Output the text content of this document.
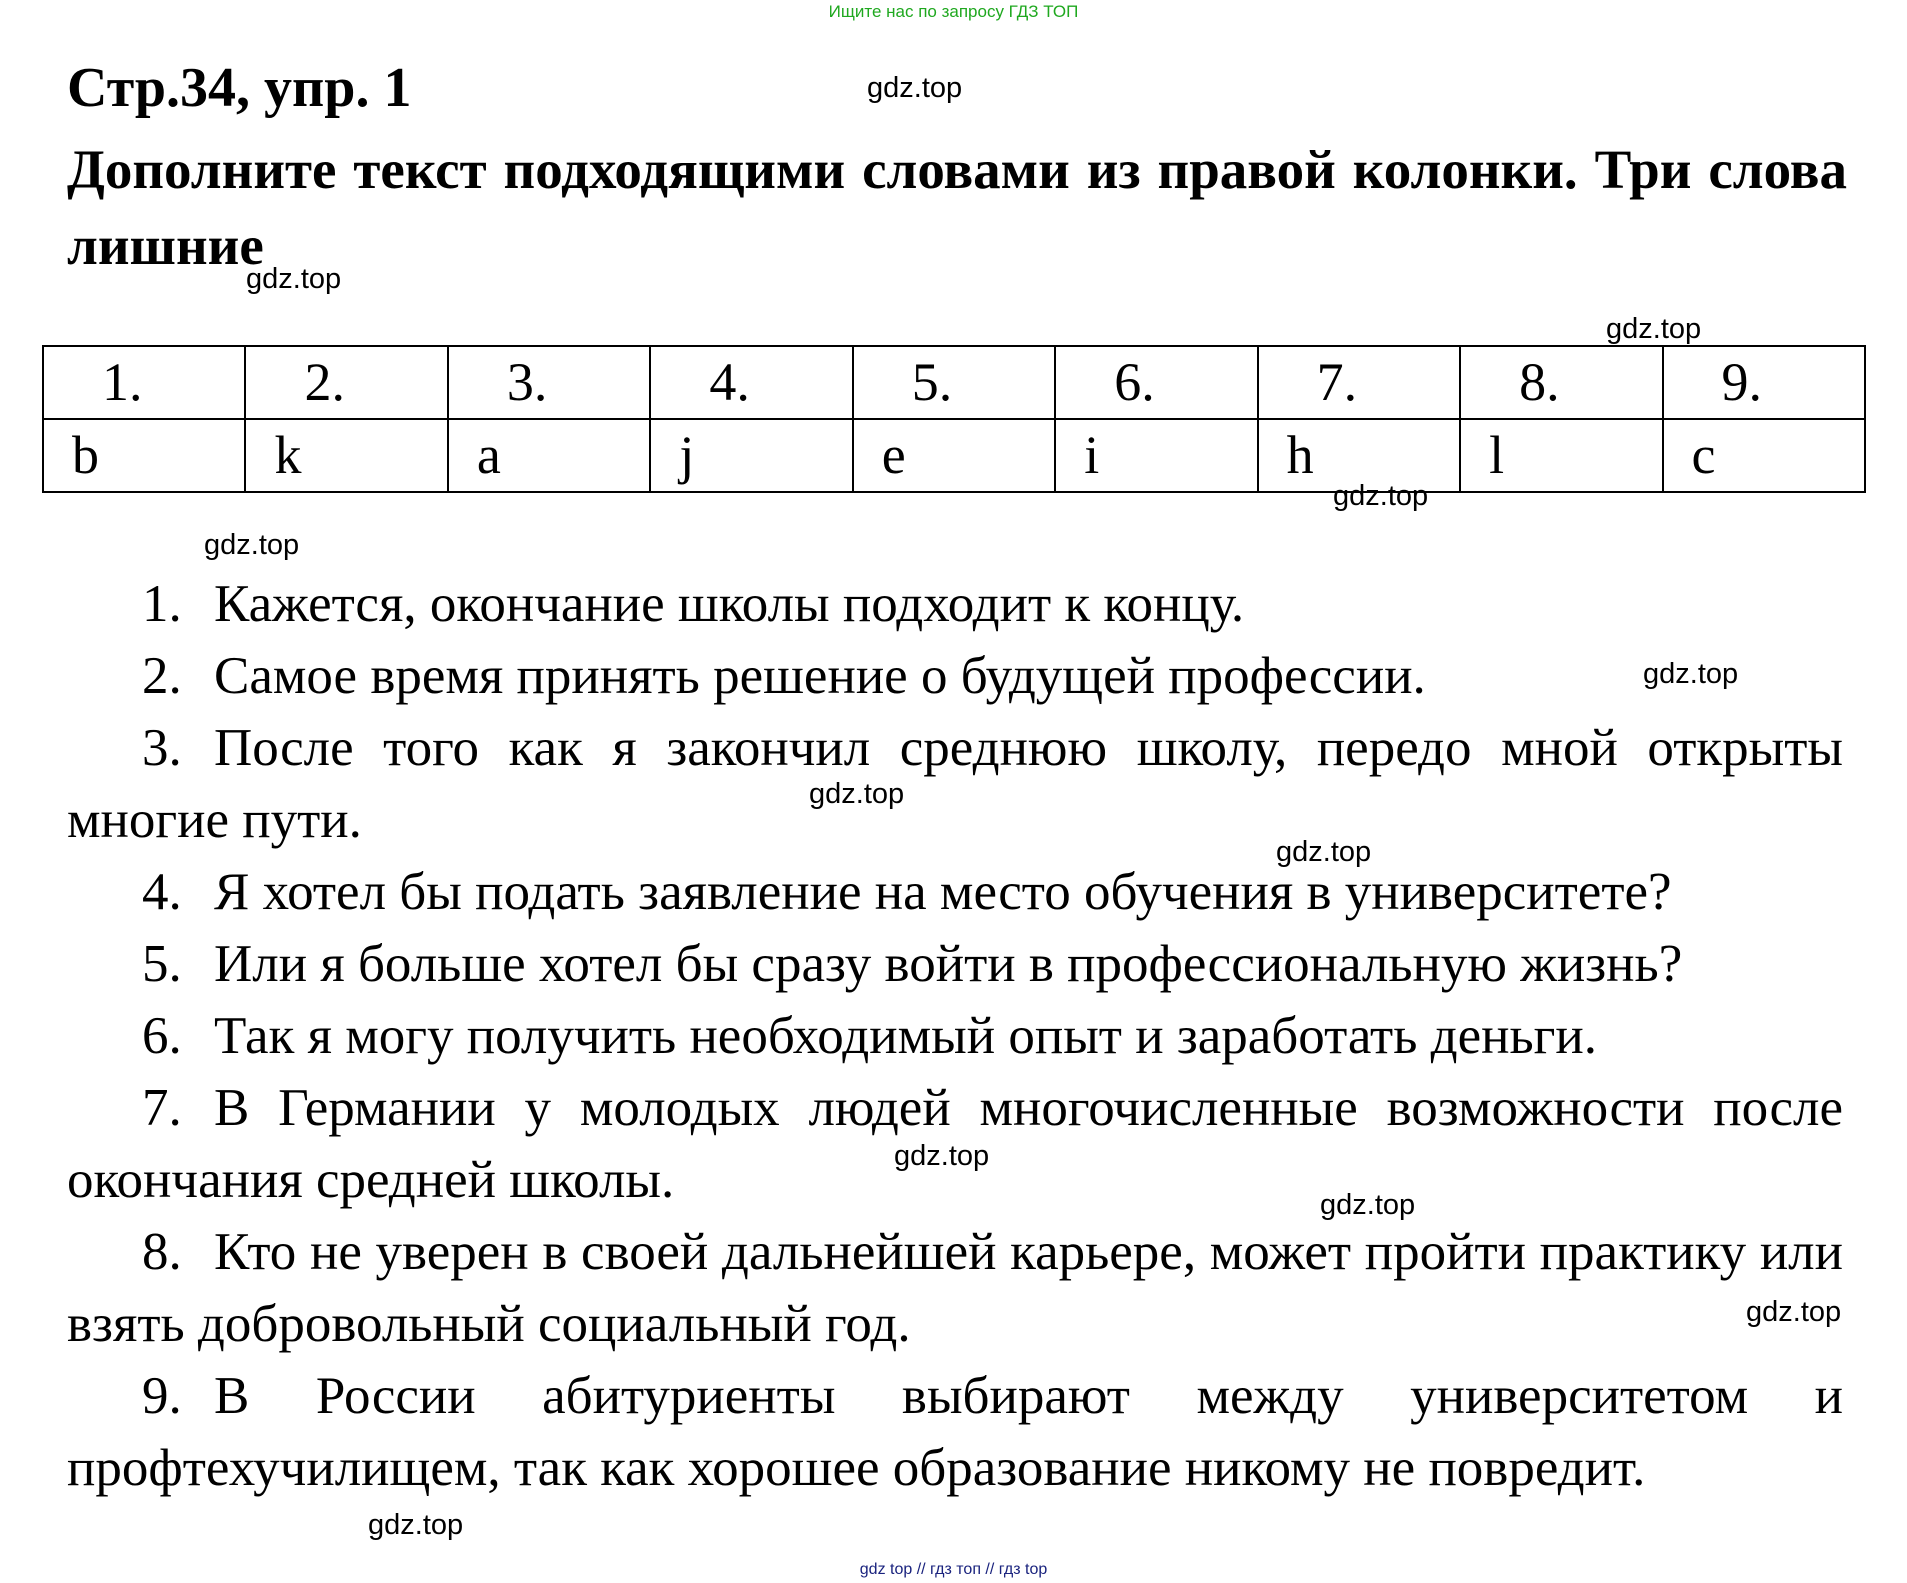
Ищите нас по запросу ГДЗ ТОП
Стр.34, упр. 1

Дополните текст подходящими словами из правой колонки. Три слова лишние

1.	2.	3.	4.	5.	6.	7.	8.	9.
b	k	a	j	e	i	h	l	c
1. Кажется, окончание школы подходит к концу.
2. Самое время принять решение о будущей профессии.
3. После того как я закончил среднюю школу, передо мной открыты многие пути.
4. Я хотел бы подать заявление на место обучения в университете?
5. Или я больше хотел бы сразу войти в профессиональную жизнь?
6. Так я могу получить необходимый опыт и заработать деньги.
7. В Германии у молодых людей многочисленные возможности после окончания средней школы.
8. Кто не уверен в своей дальнейшей карьере, может пройти практику или взять добровольный социальный год.
9. В России абитуриенты выбирают между университетом и профтехучилищем, так как хорошее образование никому не повредит.
gdz.top
gdz.top
gdz.top
gdz.top
gdz.top
gdz.top
gdz.top
gdz.top
gdz.top
gdz.top
gdz.top
gdz.top
gdz top // гдз топ // гдз top
